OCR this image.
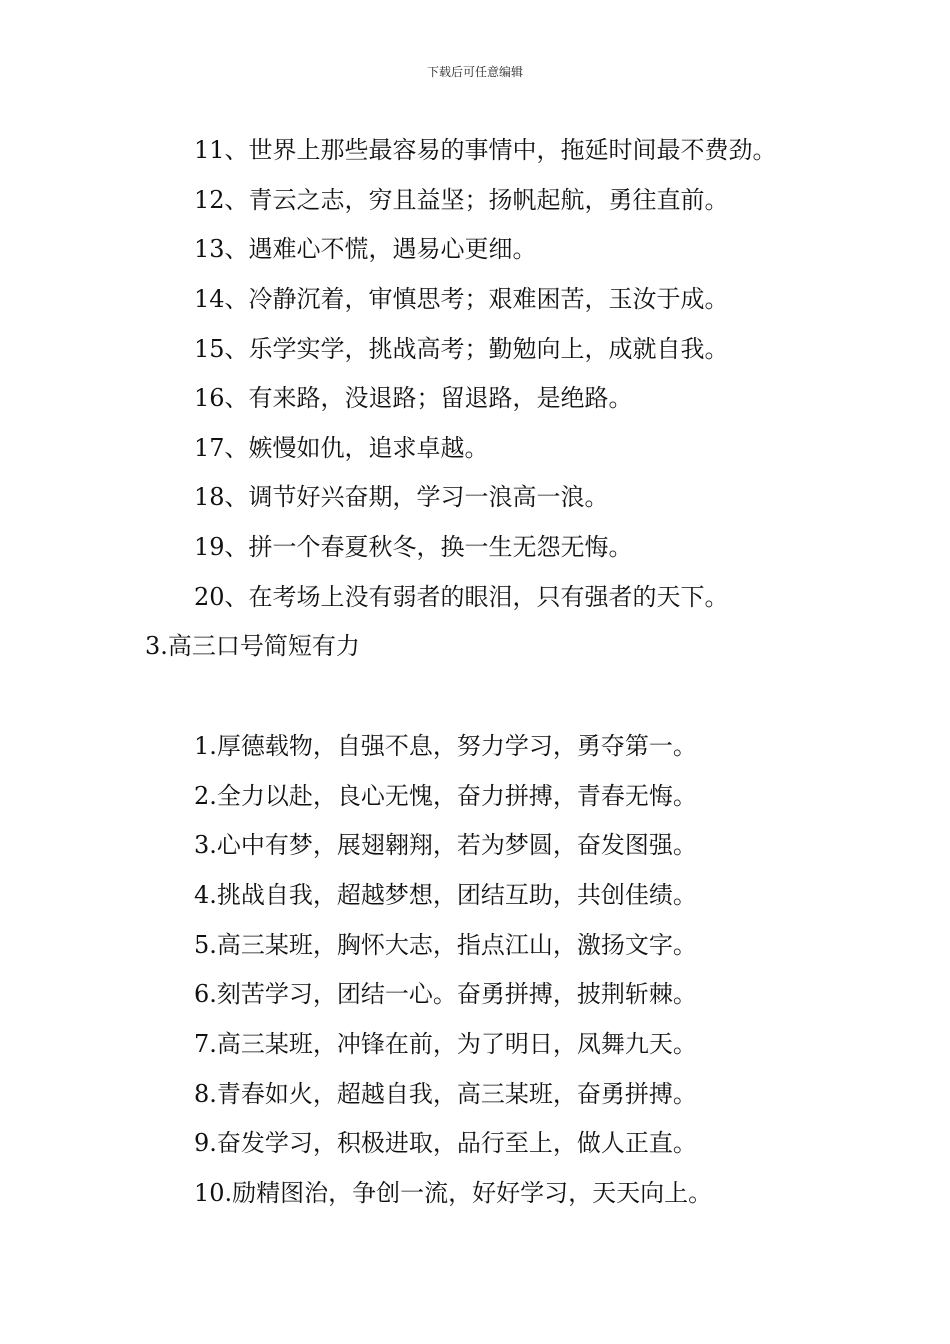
下载后可任意编辑
11、世界上那些最容易的事情中，拖延时间最不费劲。
12、青云之志，穷且益坚；扬帆起航，勇往直前。
13、遇难心不慌，遇易心更细。
14、冷静沉着，审慎思考；艰难困苦，玉汝于成。
15、乐学实学，挑战高考；勤勉向上，成就自我。
16、有来路，没退路；留退路，是绝路。
17、嫉慢如仇，追求卓越。
18、调节好兴奋期，学习一浪高一浪。
19、拼一个春夏秋冬，换一生无怨无悔。
20、在考场上没有弱者的眼泪，只有强者的天下。
3.高三口号简短有力
1.厚德载物，自强不息，努力学习，勇夺第一。
2.全力以赴，良心无愧，奋力拼搏，青春无悔。
3.心中有梦，展翅翱翔，若为梦圆，奋发图强。
4.挑战自我，超越梦想，团结互助，共创佳绩。
5.高三某班，胸怀大志，指点江山，激扬文字。
6.刻苦学习，团结一心。奋勇拼搏，披荆斩棘。
7.高三某班，冲锋在前，为了明日，凤舞九天。
8.青春如火，超越自我，高三某班，奋勇拼搏。
9.奋发学习，积极进取，品行至上，做人正直。
10.励精图治，争创一流，好好学习，天天向上。
